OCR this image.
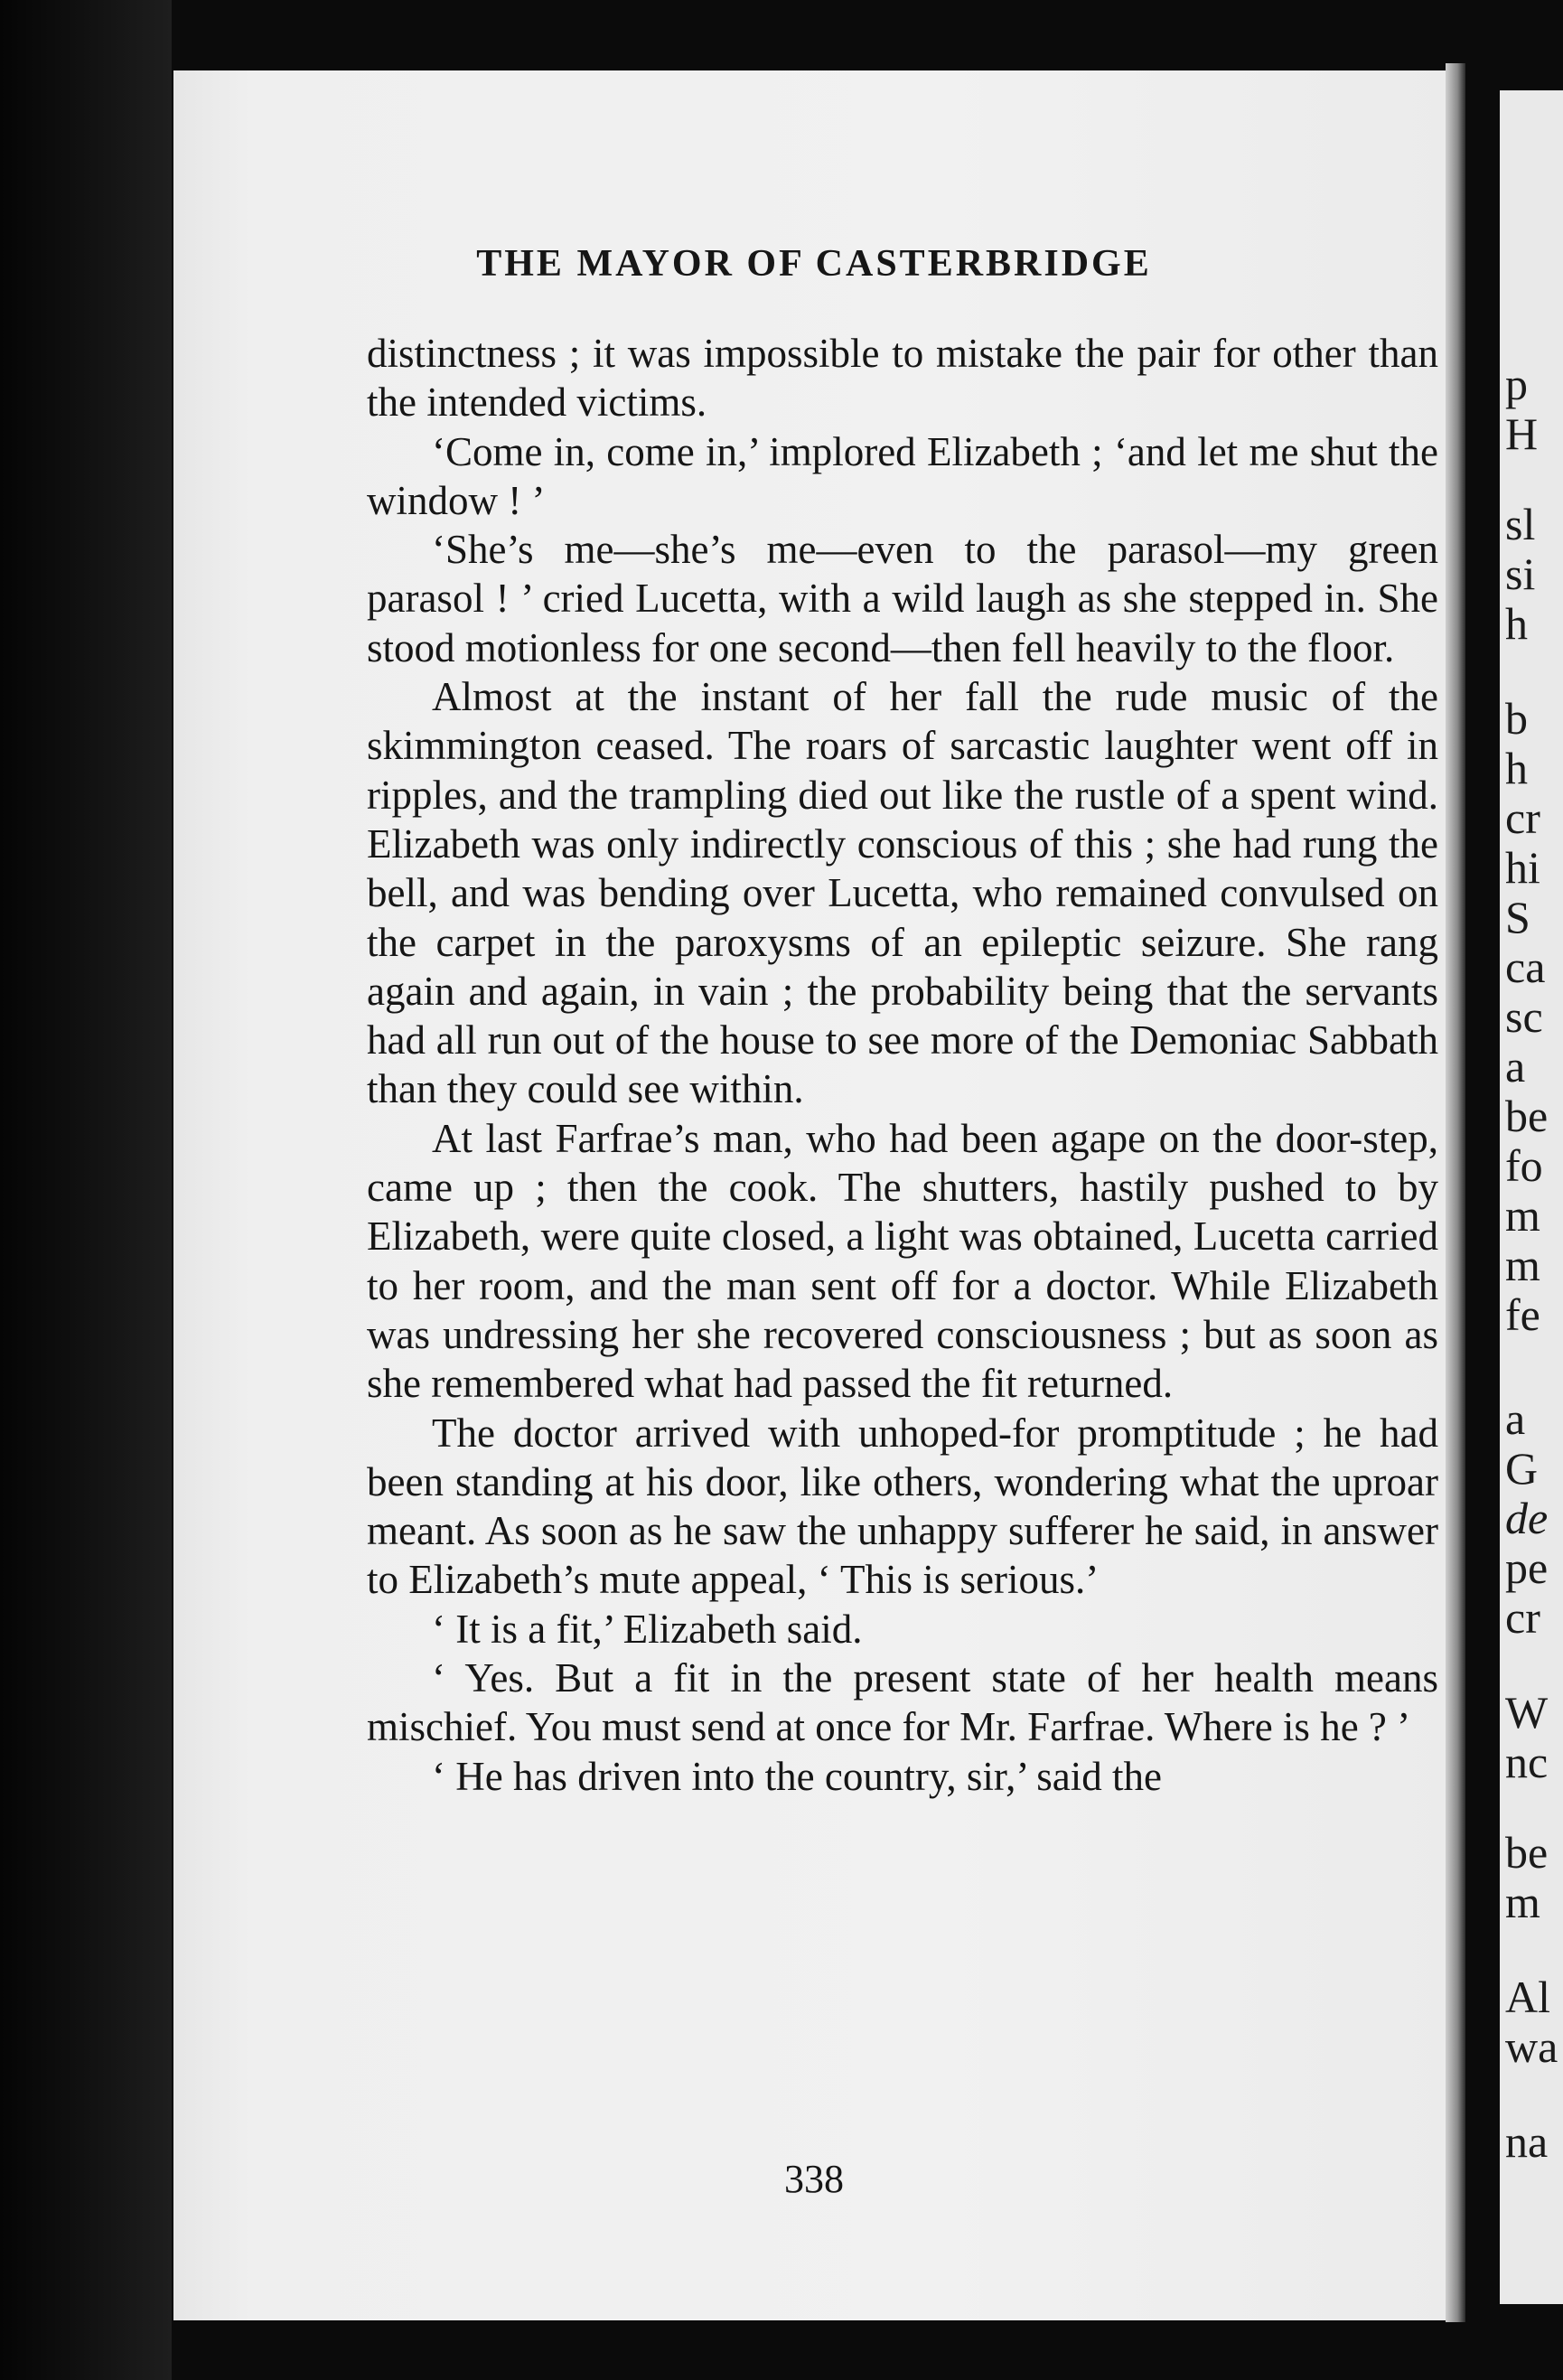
p
H
sl
si
h
b
h
cr
hi
S
ca
sc
a
be
fo
m
m
fe
a
G
de
pe
cr
W
nc
be
m
Al
wa
na
THE MAYOR OF CASTERBRIDGE

distinctness ; it was impossible to mistake the pair for other than the intended victims.

‘Come in, come in,’ implored Elizabeth ; ‘and let me shut the window ! ’

‘She’s me—she’s me—even to the parasol—my green parasol ! ’ cried Lucetta, with a wild laugh as she stepped in. She stood motionless for one second—then fell heavily to the floor.

Almost at the instant of her fall the rude music of the skimmington ceased. The roars of sarcastic laughter went off in ripples, and the trampling died out like the rustle of a spent wind. Elizabeth was only indirectly conscious of this ; she had rung the bell, and was bending over Lucetta, who remained convulsed on the carpet in the paroxysms of an epileptic seizure. She rang again and again, in vain ; the probability being that the servants had all run out of the house to see more of the Demoniac Sabbath than they could see within.

At last Farfrae’s man, who had been agape on the door-step, came up ; then the cook. The shutters, hastily pushed to by Elizabeth, were quite closed, a light was obtained, Lucetta carried to her room, and the man sent off for a doctor. While Elizabeth was undressing her she recovered consciousness ; but as soon as she remembered what had passed the fit returned.

The doctor arrived with unhoped-for promptitude ; he had been standing at his door, like others, wondering what the uproar meant. As soon as he saw the unhappy sufferer he said, in answer to Elizabeth’s mute appeal, ‘ This is serious.’

‘ It is a fit,’ Elizabeth said.

‘ Yes. But a fit in the present state of her health means mischief. You must send at once for Mr. Farfrae. Where is he ? ’

‘ He has driven into the country, sir,’ said the

338
